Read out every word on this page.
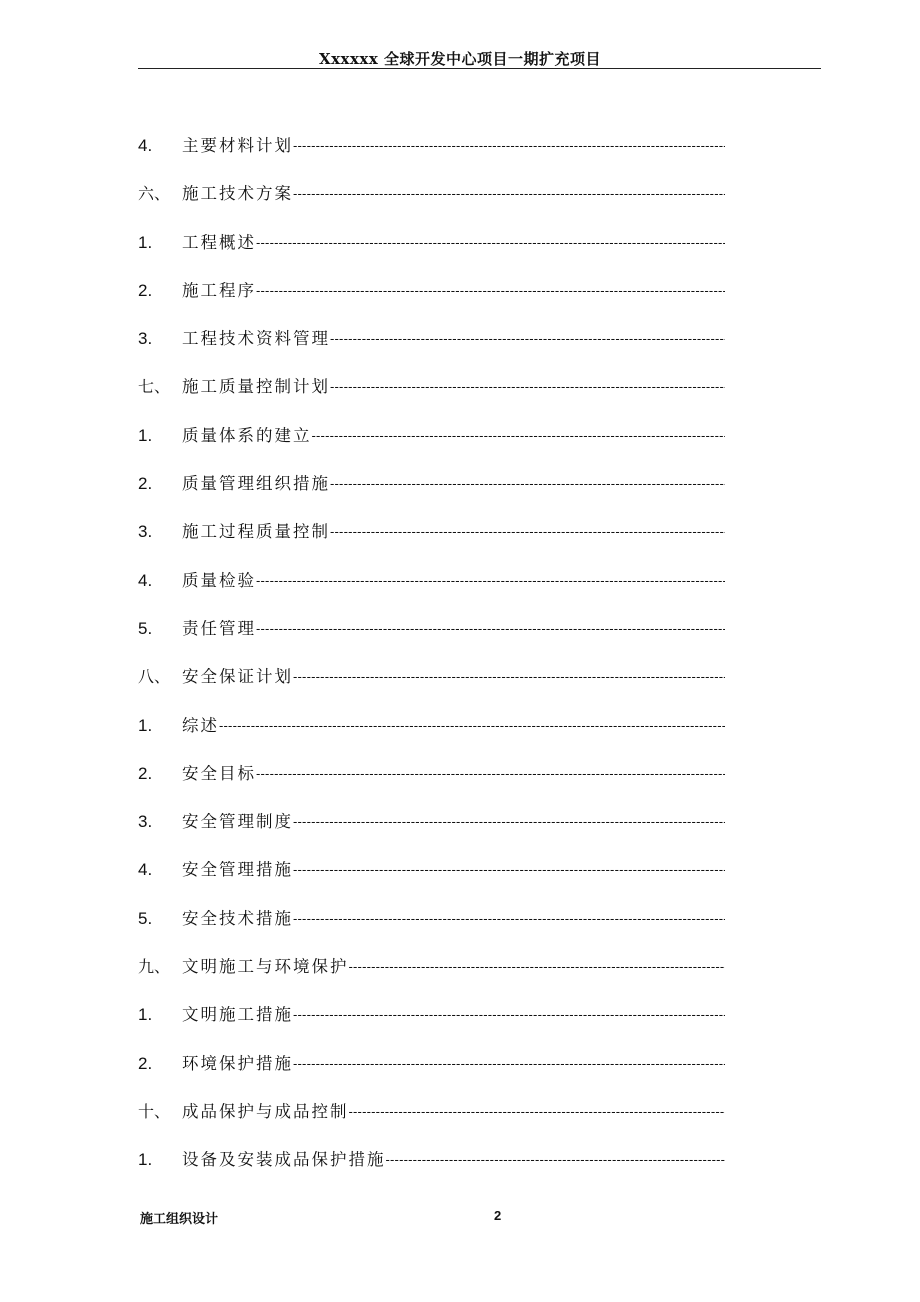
Xxxxxx 全球开发中心项目一期扩充项目
4.	主要材料计划
-----
六、 施工技术方案
-----
1.	工程概述
-----
2.	施工程序
-----
3.	工程技术资料管理
-----
七、 施工质量控制计划
-----
1.	质量体系的建立
-----
2.	质量管理组织措施
-----
3.	施工过程质量控制
-----
4.	质量检验
-----
5.	责任管理
-----
八、 安全保证计划
-----
1.	综述
-----
2.	安全目标
-----
3.	安全管理制度
-----
4.	安全管理措施
-----
5.	安全技术措施
-----
九、 文明施工与环境保护
-----
1.	文明施工措施
-----
2.	环境保护措施
-----
十、 成品保护与成品控制
-----
1.	设备及安装成品保护措施
-----
施工组织设计	2
